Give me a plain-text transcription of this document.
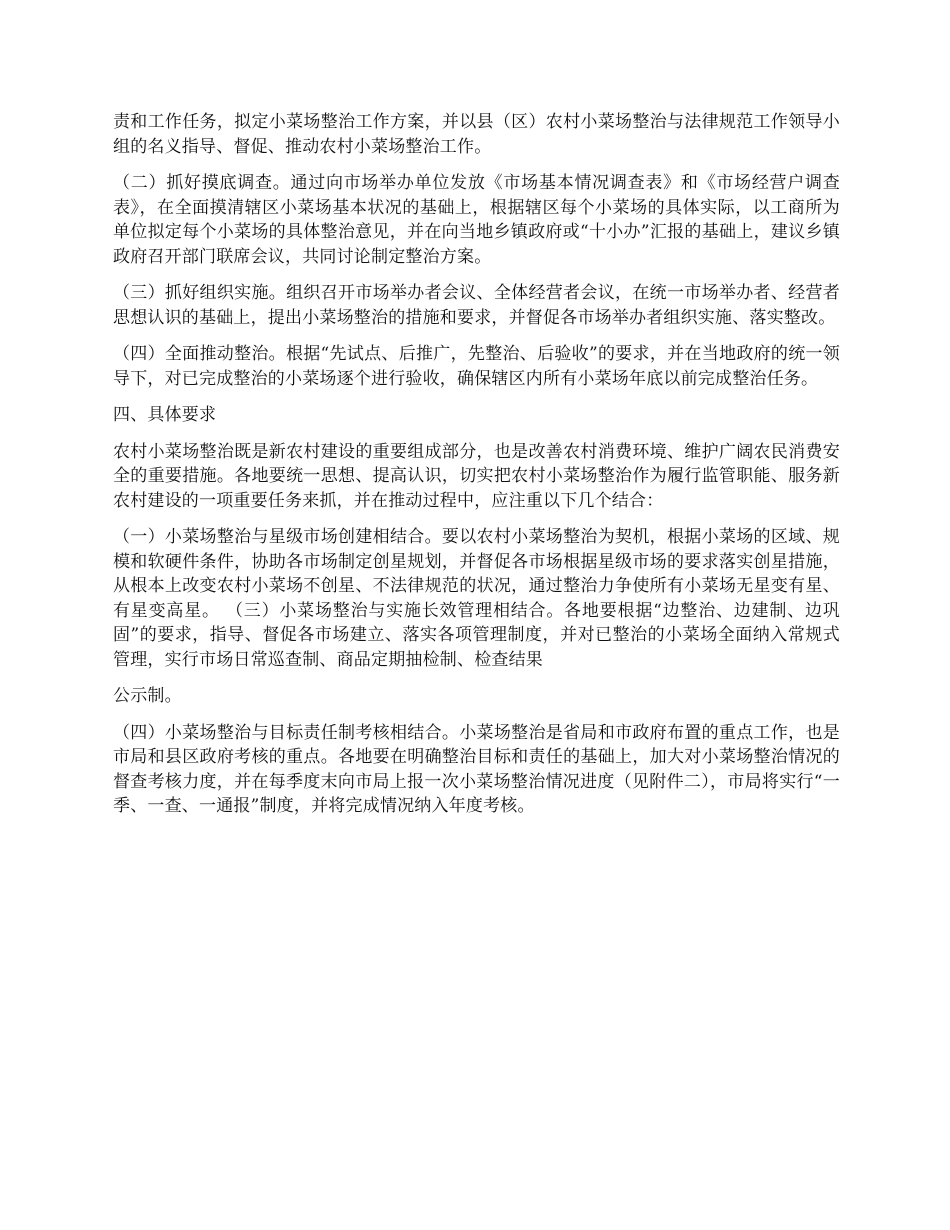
责和工作任务，拟定小菜场整治工作方案，并以县（区）农村小菜场整治与法律规范工作领导小组的名义指导、督促、推动农村小菜场整治工作。

（二）抓好摸底调查。通过向市场举办单位发放《市场基本情况调查表》和《市场经营户调查表》，在全面摸清辖区小菜场基本状况的基础上，根据辖区每个小菜场的具体实际，以工商所为单位拟定每个小菜场的具体整治意见，并在向当地乡镇政府或“十小办”汇报的基础上，建议乡镇政府召开部门联席会议，共同讨论制定整治方案。

（三）抓好组织实施。组织召开市场举办者会议、全体经营者会议，在统一市场举办者、经营者思想认识的基础上，提出小菜场整治的措施和要求，并督促各市场举办者组织实施、落实整改。

（四）全面推动整治。根据“先试点、后推广，先整治、后验收”的要求，并在当地政府的统一领导下，对已完成整治的小菜场逐个进行验收，确保辖区内所有小菜场年底以前完成整治任务。

四、具体要求

农村小菜场整治既是新农村建设的重要组成部分，也是改善农村消费环境、维护广阔农民消费安全的重要措施。各地要统一思想、提高认识，切实把农村小菜场整治作为履行监管职能、服务新农村建设的一项重要任务来抓，并在推动过程中，应注重以下几个结合：

（一）小菜场整治与星级市场创建相结合。要以农村小菜场整治为契机，根据小菜场的区域、规模和软硬件条件，协助各市场制定创星规划，并督促各市场根据星级市场的要求落实创星措施，从根本上改变农村小菜场不创星、不法律规范的状况，通过整治力争使所有小菜场无星变有星、有星变高星。 （三）小菜场整治与实施长效管理相结合。各地要根据“边整治、边建制、边巩固”的要求，指导、督促各市场建立、落实各项管理制度，并对已整治的小菜场全面纳入常规式管理，实行市场日常巡查制、商品定期抽检制、检查结果

公示制。

（四）小菜场整治与目标责任制考核相结合。小菜场整治是省局和市政府布置的重点工作，也是市局和县区政府考核的重点。各地要在明确整治目标和责任的基础上，加大对小菜场整治情况的督查考核力度，并在每季度末向市局上报一次小菜场整治情况进度（见附件二），市局将实行“一季、一查、一通报”制度，并将完成情况纳入年度考核。
